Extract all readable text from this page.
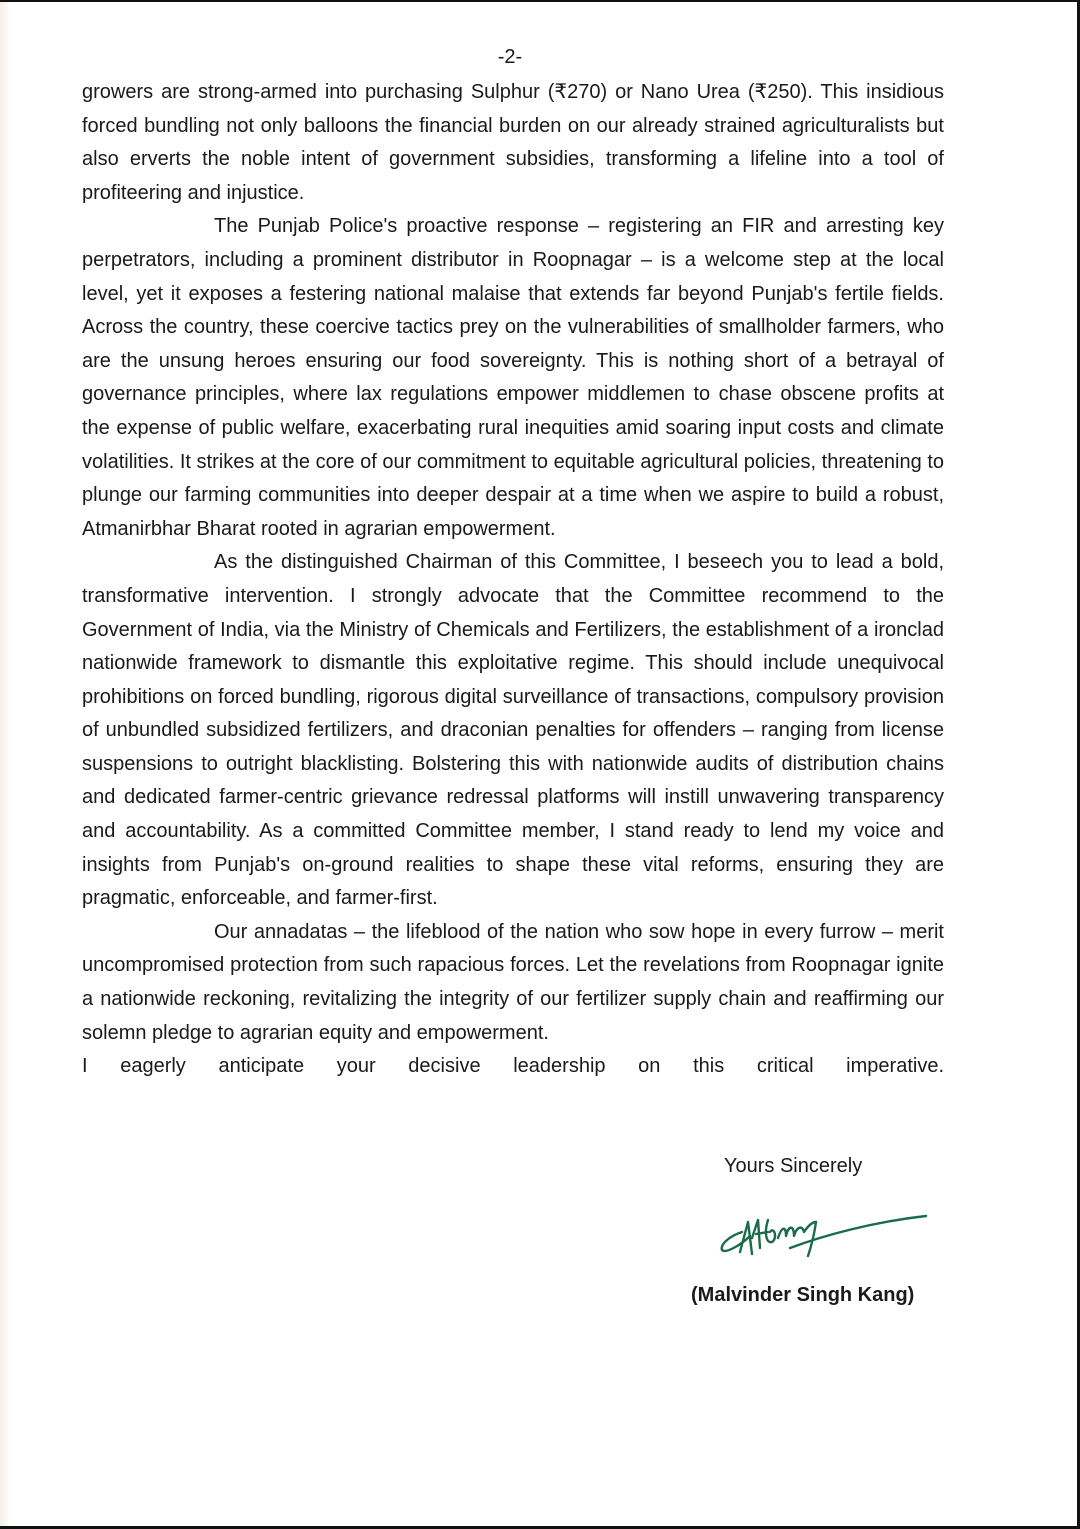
-2-

growers are strong-armed into purchasing Sulphur (₹270) or Nano Urea (₹250). This insidious forced bundling not only balloons the financial burden on our already strained agriculturalists but also erverts the noble intent of government subsidies, transforming a lifeline into a tool of profiteering and injustice.

The Punjab Police's proactive response – registering an FIR and arresting key perpetrators, including a prominent distributor in Roopnagar – is a welcome step at the local level, yet it exposes a festering national malaise that extends far beyond Punjab's fertile fields. Across the country, these coercive tactics prey on the vulnerabilities of smallholder farmers, who are the unsung heroes ensuring our food sovereignty. This is nothing short of a betrayal of governance principles, where lax regulations empower middlemen to chase obscene profits at the expense of public welfare, exacerbating rural inequities amid soaring input costs and climate volatilities. It strikes at the core of our commitment to equitable agricultural policies, threatening to plunge our farming communities into deeper despair at a time when we aspire to build a robust, Atmanirbhar Bharat rooted in agrarian empowerment.

As the distinguished Chairman of this Committee, I beseech you to lead a bold, transformative intervention. I strongly advocate that the Committee recommend to the Government of India, via the Ministry of Chemicals and Fertilizers, the establishment of a ironclad nationwide framework to dismantle this exploitative regime. This should include unequivocal prohibitions on forced bundling, rigorous digital surveillance of transactions, compulsory provision of unbundled subsidized fertilizers, and draconian penalties for offenders – ranging from license suspensions to outright blacklisting. Bolstering this with nationwide audits of distribution chains and dedicated farmer-centric grievance redressal platforms will instill unwavering transparency and accountability. As a committed Committee member, I stand ready to lend my voice and insights from Punjab's on-ground realities to shape these vital reforms, ensuring they are pragmatic, enforceable, and farmer-first.

Our annadatas – the lifeblood of the nation who sow hope in every furrow – merit uncompromised protection from such rapacious forces. Let the revelations from Roopnagar ignite a nationwide reckoning, revitalizing the integrity of our fertilizer supply chain and reaffirming our solemn pledge to agrarian equity and empowerment.

I eagerly anticipate your decisive leadership on this critical imperative.

Yours Sincerely
(Malvinder Singh Kang)
